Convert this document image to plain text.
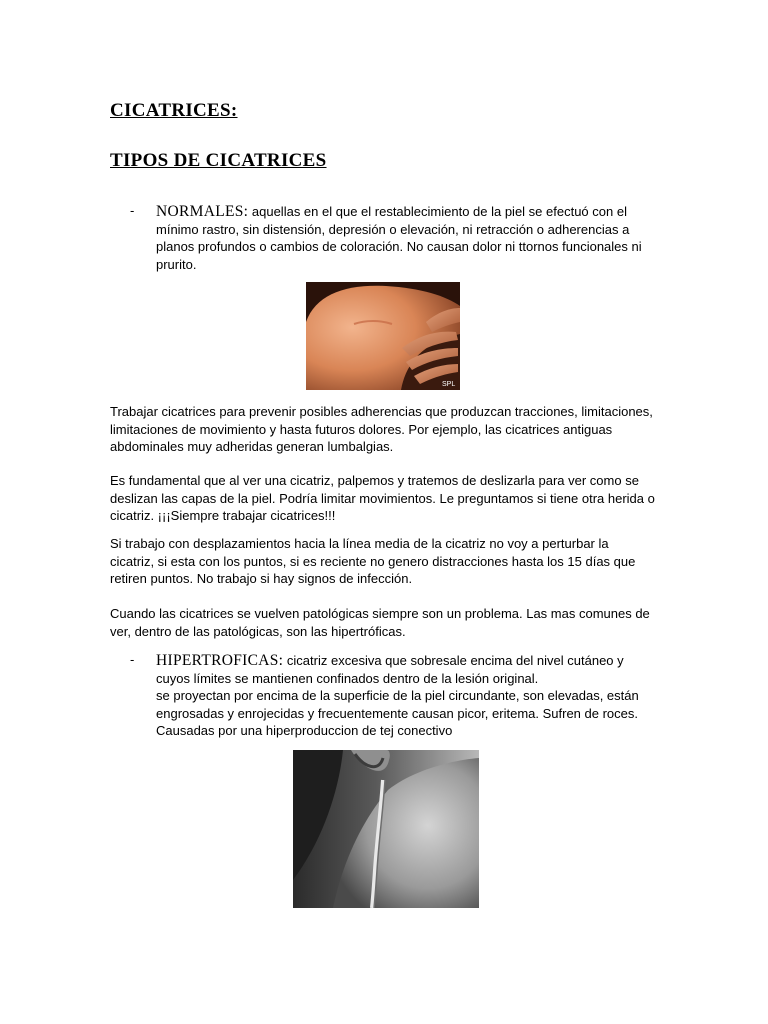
CICATRICES:
TIPOS DE CICATRICES
- NORMALES: aquellas en el que el restablecimiento de la piel se efectuó con el mínimo rastro, sin distensión, depresión o elevación, ni retracción o adherencias a planos profundos o cambios de coloración. No causan dolor ni ttornos funcionales ni prurito.
SPL

Trabajar cicatrices para prevenir posibles adherencias que produzcan tracciones, limitaciones, limitaciones de movimiento y hasta futuros dolores. Por ejemplo, las cicatrices antiguas abdominales muy adheridas generan lumbalgias.

Es fundamental que al ver una cicatriz, palpemos y tratemos de deslizarla para ver como se deslizan las capas de la piel. Podría limitar movimientos. Le preguntamos si tiene otra herida o cicatriz. ¡¡¡Siempre trabajar cicatrices!!!

Si trabajo con desplazamientos hacia la línea media de la cicatriz no voy a perturbar la cicatriz, si esta con los puntos, si es reciente no genero distracciones hasta los 15 días que retiren puntos. No trabajo si hay signos de infección.

Cuando las cicatrices se vuelven patológicas siempre son un problema. Las mas comunes de ver, dentro de las patológicas, son las hipertróficas.

- HIPERTROFICAS: cicatriz excesiva que sobresale encima del nivel cutáneo y cuyos límites se mantienen confinados dentro de la lesión original.
se proyectan por encima de la superficie de la piel circundante, son elevadas, están engrosadas y enrojecidas y frecuentemente causan picor, eritema. Sufren de roces.
Causadas por una hiperproduccion de tej conectivo
